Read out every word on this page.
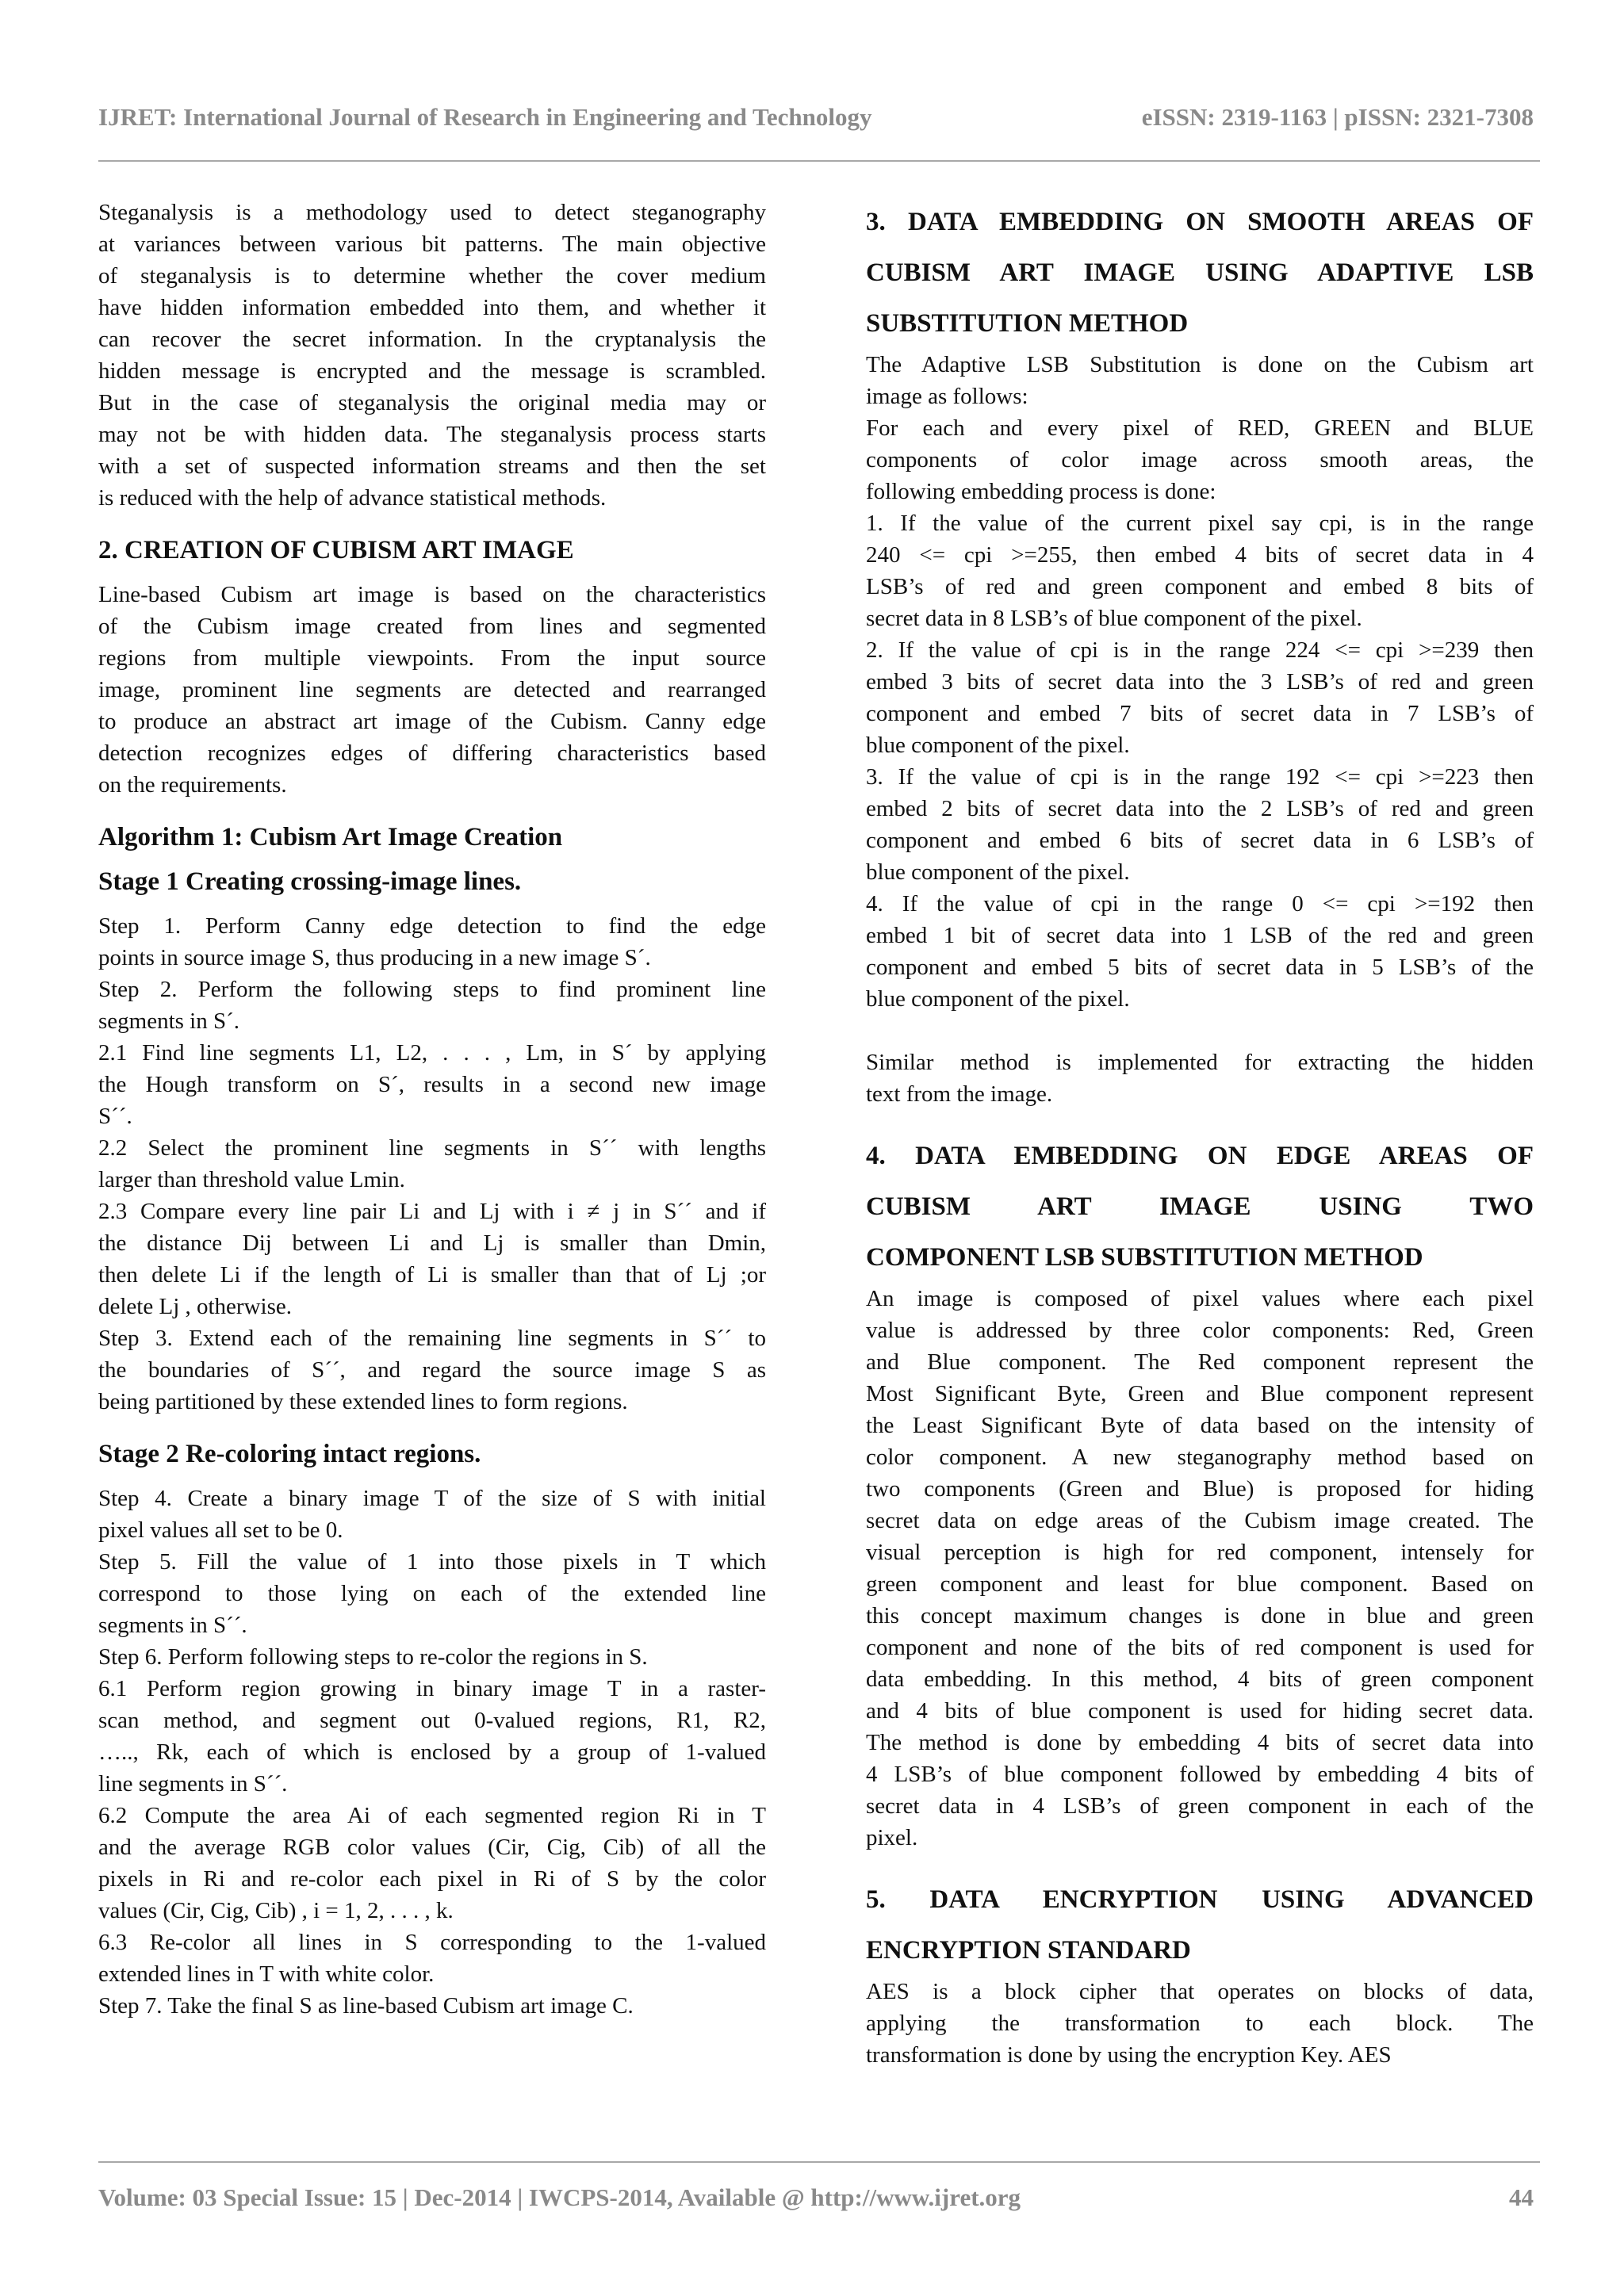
IJRET: International Journal of Research in Engineering and Technology	eISSN: 2319-1163 | pISSN: 2321-7308
Steganalysis is a methodology used to detect steganography
at variances between various bit patterns. The main objective
of steganalysis is to determine whether the cover medium
have hidden information embedded into them, and whether it
can recover the secret information. In the cryptanalysis the
hidden message is encrypted and the message is scrambled.
But in the case of steganalysis the original media may or
may not be with hidden data. The steganalysis process starts
with a set of suspected information streams and then the set
is reduced with the help of advance statistical methods.

2. CREATION OF CUBISM ART IMAGE

Line-based Cubism art image is based on the characteristics
of the Cubism image created from lines and segmented
regions from multiple viewpoints. From the input source
image, prominent line segments are detected and rearranged
to produce an abstract art image of the Cubism. Canny edge
detection recognizes edges of differing characteristics based
on the requirements.

Algorithm 1: Cubism Art Image Creation

Stage 1 Creating crossing-image lines.

Step 1. Perform Canny edge detection to find the edge
points in source image S, thus producing in a new image S´.
Step 2. Perform the following steps to find prominent line
segments in S´.
2.1 Find line segments L1, L2, . . . , Lm, in S´ by applying
the Hough transform on S´, results in a second new image
S´´.
2.2 Select the prominent line segments in S´´ with lengths
larger than threshold value Lmin.
2.3 Compare every line pair Li and Lj with i ≠ j in S´´ and if
the distance Dij between Li and Lj is smaller than Dmin,
then delete Li if the length of Li is smaller than that of Lj ;or
delete Lj , otherwise.
Step 3. Extend each of the remaining line segments in S´´ to
the boundaries of S´´, and regard the source image S as
being partitioned by these extended lines to form regions.

Stage 2 Re-coloring intact regions.

Step 4. Create a binary image T of the size of S with initial
pixel values all set to be 0.
Step 5. Fill the value of 1 into those pixels in T which
correspond to those lying on each of the extended line
segments in S´´.
Step 6. Perform following steps to re-color the regions in S.
6.1 Perform region growing in binary image T in a raster-
scan method, and segment out 0-valued regions, R1, R2,
….., Rk, each of which is enclosed by a group of 1-valued
line segments in S´´.
6.2 Compute the area Ai of each segmented region Ri in T
and the average RGB color values (Cir, Cig, Cib) of all the
pixels in Ri and re-color each pixel in Ri of S by the color
values (Cir, Cig, Cib) , i = 1, 2, . . . , k.
6.3 Re-color all lines in S corresponding to the 1-valued
extended lines in T with white color.
Step 7. Take the final S as line-based Cubism art image C.
3. DATA EMBEDDING ON SMOOTH AREAS OF
CUBISM ART IMAGE USING ADAPTIVE LSB
SUBSTITUTION METHOD
The Adaptive LSB Substitution is done on the Cubism art
image as follows:
For each and every pixel of RED, GREEN and BLUE
components of color image across smooth areas, the
following embedding process is done:
1. If the value of the current pixel say cpi, is in the range
240 <= cpi >=255, then embed 4 bits of secret data in 4
LSB’s of red and green component and embed 8 bits of
secret data in 8 LSB’s of blue component of the pixel.
2. If the value of cpi is in the range 224 <= cpi >=239 then
embed 3 bits of secret data into the 3 LSB’s of red and green
component and embed 7 bits of secret data in 7 LSB’s of
blue component of the pixel.
3. If the value of cpi is in the range 192 <= cpi >=223 then
embed 2 bits of secret data into the 2 LSB’s of red and green
component and embed 6 bits of secret data in 6 LSB’s of
blue component of the pixel.
4. If the value of cpi in the range 0 <= cpi >=192 then
embed 1 bit of secret data into 1 LSB of the red and green
component and embed 5 bits of secret data in 5 LSB’s of the
blue component of the pixel.
Similar method is implemented for extracting the hidden
text from the image.
4. DATA EMBEDDING ON EDGE AREAS OF
CUBISM ART IMAGE USING TWO
COMPONENT LSB SUBSTITUTION METHOD
An image is composed of pixel values where each pixel
value is addressed by three color components: Red, Green
and Blue component. The Red component represent the
Most Significant Byte, Green and Blue component represent
the Least Significant Byte of data based on the intensity of
color component. A new steganography method based on
two components (Green and Blue) is proposed for hiding
secret data on edge areas of the Cubism image created. The
visual perception is high for red component, intensely for
green component and least for blue component. Based on
this concept maximum changes is done in blue and green
component and none of the bits of red component is used for
data embedding. In this method, 4 bits of green component
and 4 bits of blue component is used for hiding secret data.
The method is done by embedding 4 bits of secret data into
4 LSB’s of blue component followed by embedding 4 bits of
secret data in 4 LSB’s of green component in each of the
pixel.
5. DATA ENCRYPTION USING ADVANCED
ENCRYPTION STANDARD
AES is a block cipher that operates on blocks of data,
applying the transformation to each block. The
transformation is done by using the encryption Key. AES
Volume: 03 Special Issue: 15 | Dec-2014 | IWCPS-2014, Available @ http://www.ijret.org	44
